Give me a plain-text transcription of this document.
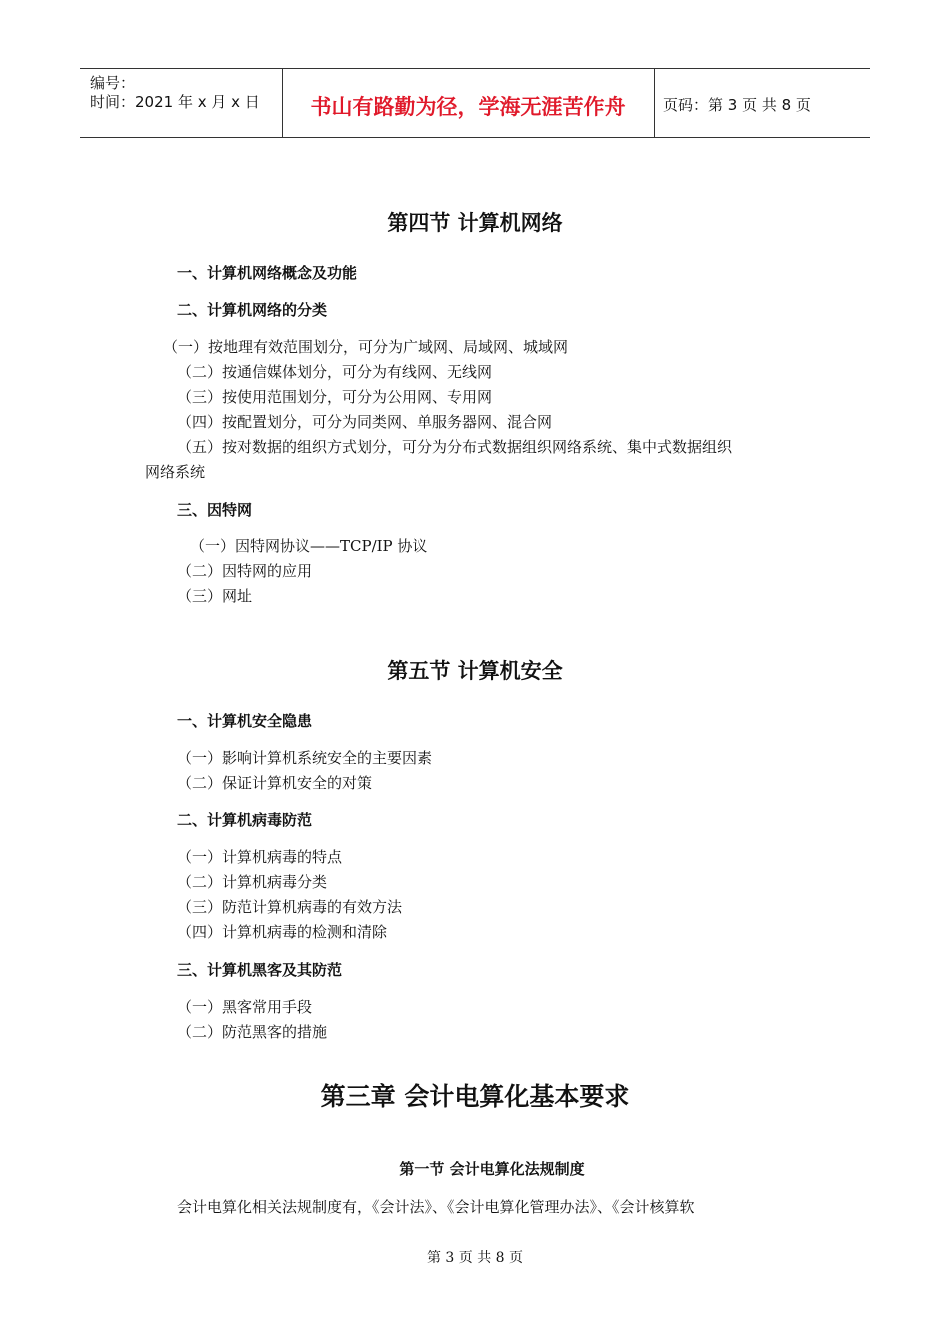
编号：
时间：2021 年 x 月 x 日	书山有路勤为径，学海无涯苦作舟	页码：第 3 页 共 8 页
第四节 计算机网络
一、计算机网络概念及功能
二、计算机网络的分类
（一）按地理有效范围划分，可分为广域网、局域网、城域网
（二）按通信媒体划分，可分为有线网、无线网
（三）按使用范围划分，可分为公用网、专用网
（四）按配置划分，可分为同类网、单服务器网、混合网
（五）按对数据的组织方式划分，可分为分布式数据组织网络系统、集中式数据组织
网络系统
三、因特网
（一）因特网协议——TCP/IP 协议
（二）因特网的应用
（三）网址
第五节 计算机安全
一、计算机安全隐患
（一）影响计算机系统安全的主要因素
（二）保证计算机安全的对策
二、计算机病毒防范
（一）计算机病毒的特点
（二）计算机病毒分类
（三）防范计算机病毒的有效方法
（四）计算机病毒的检测和清除
三、计算机黑客及其防范
（一）黑客常用手段
（二）防范黑客的措施
第三章 会计电算化基本要求
第一节 会计电算化法规制度
会计电算化相关法规制度有，《会计法》、《会计电算化管理办法》、《会计核算软
第 3 页 共 8 页
